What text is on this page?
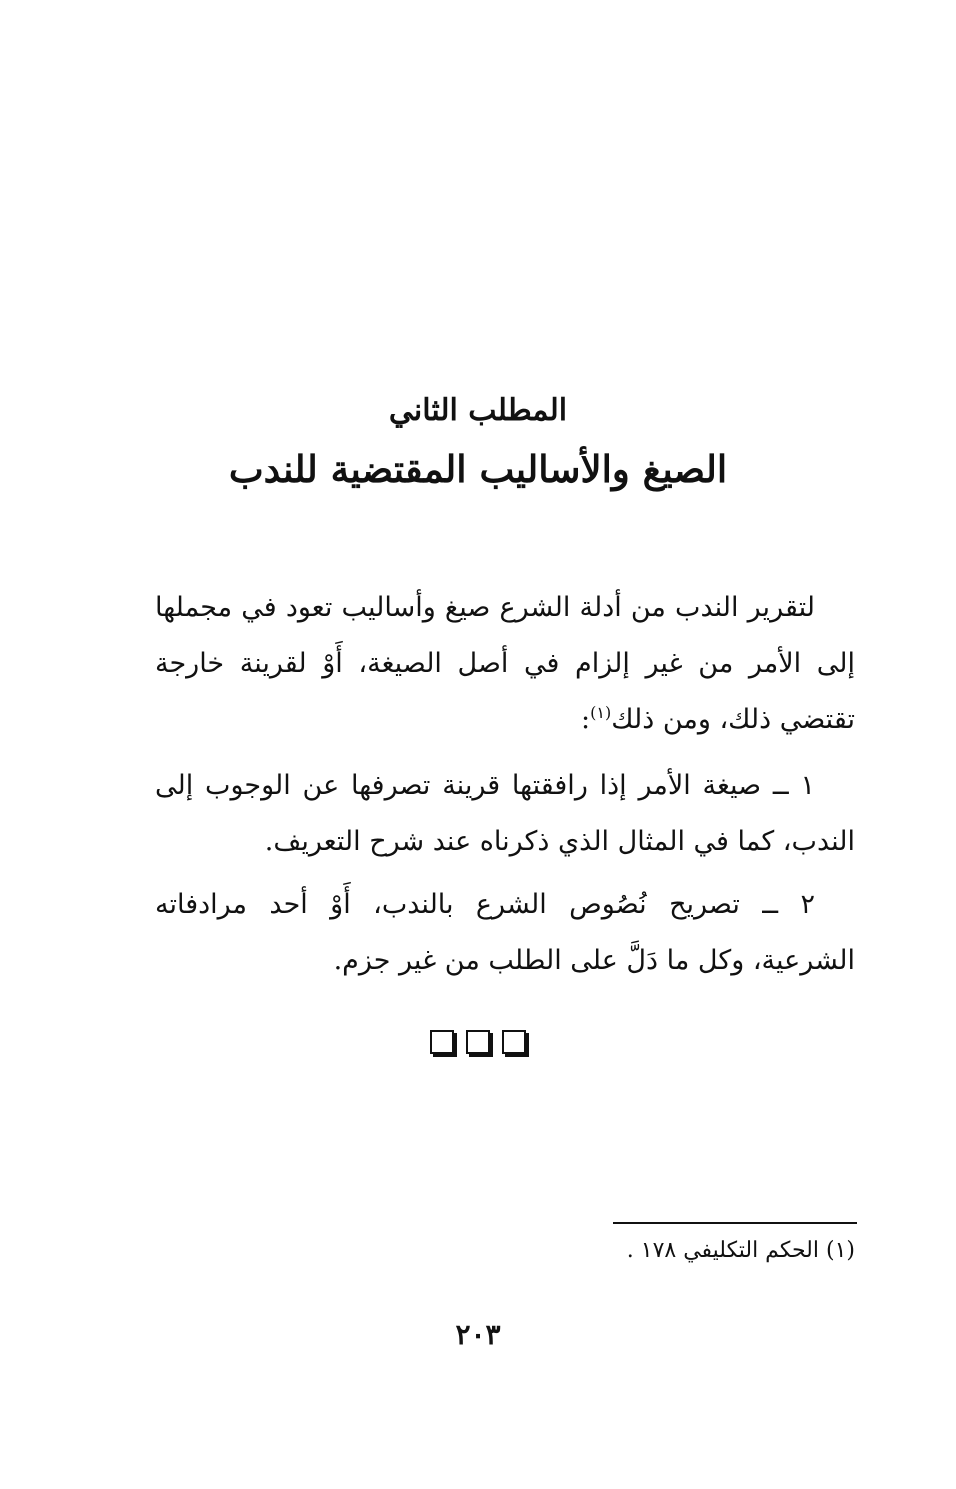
المطلب الثاني

الصيغ والأساليب المقتضية للندب

لتقرير الندب من أدلة الشرع صيغ وأساليب تعود في مجملها إلى الأمر من غير إلزام في أصل الصيغة، أَوْ لقرينة خارجة تقتضي ذلك، ومن ذلك$^{(١)}$:

١ ــ صيغة الأمر إذا رافقتها قرينة تصرفها عن الوجوب إلى الندب، كما في المثال الذي ذكرناه عند شرح التعريف.

٢ ــ تصريح نُصُوص الشرع بالندب، أَوْ أحد مرادفاته الشرعية، وكل ما دَلَّ على الطلب من غير جزم.

(١) الحكم التكليفي ١٧٨ .

٢٠٣
